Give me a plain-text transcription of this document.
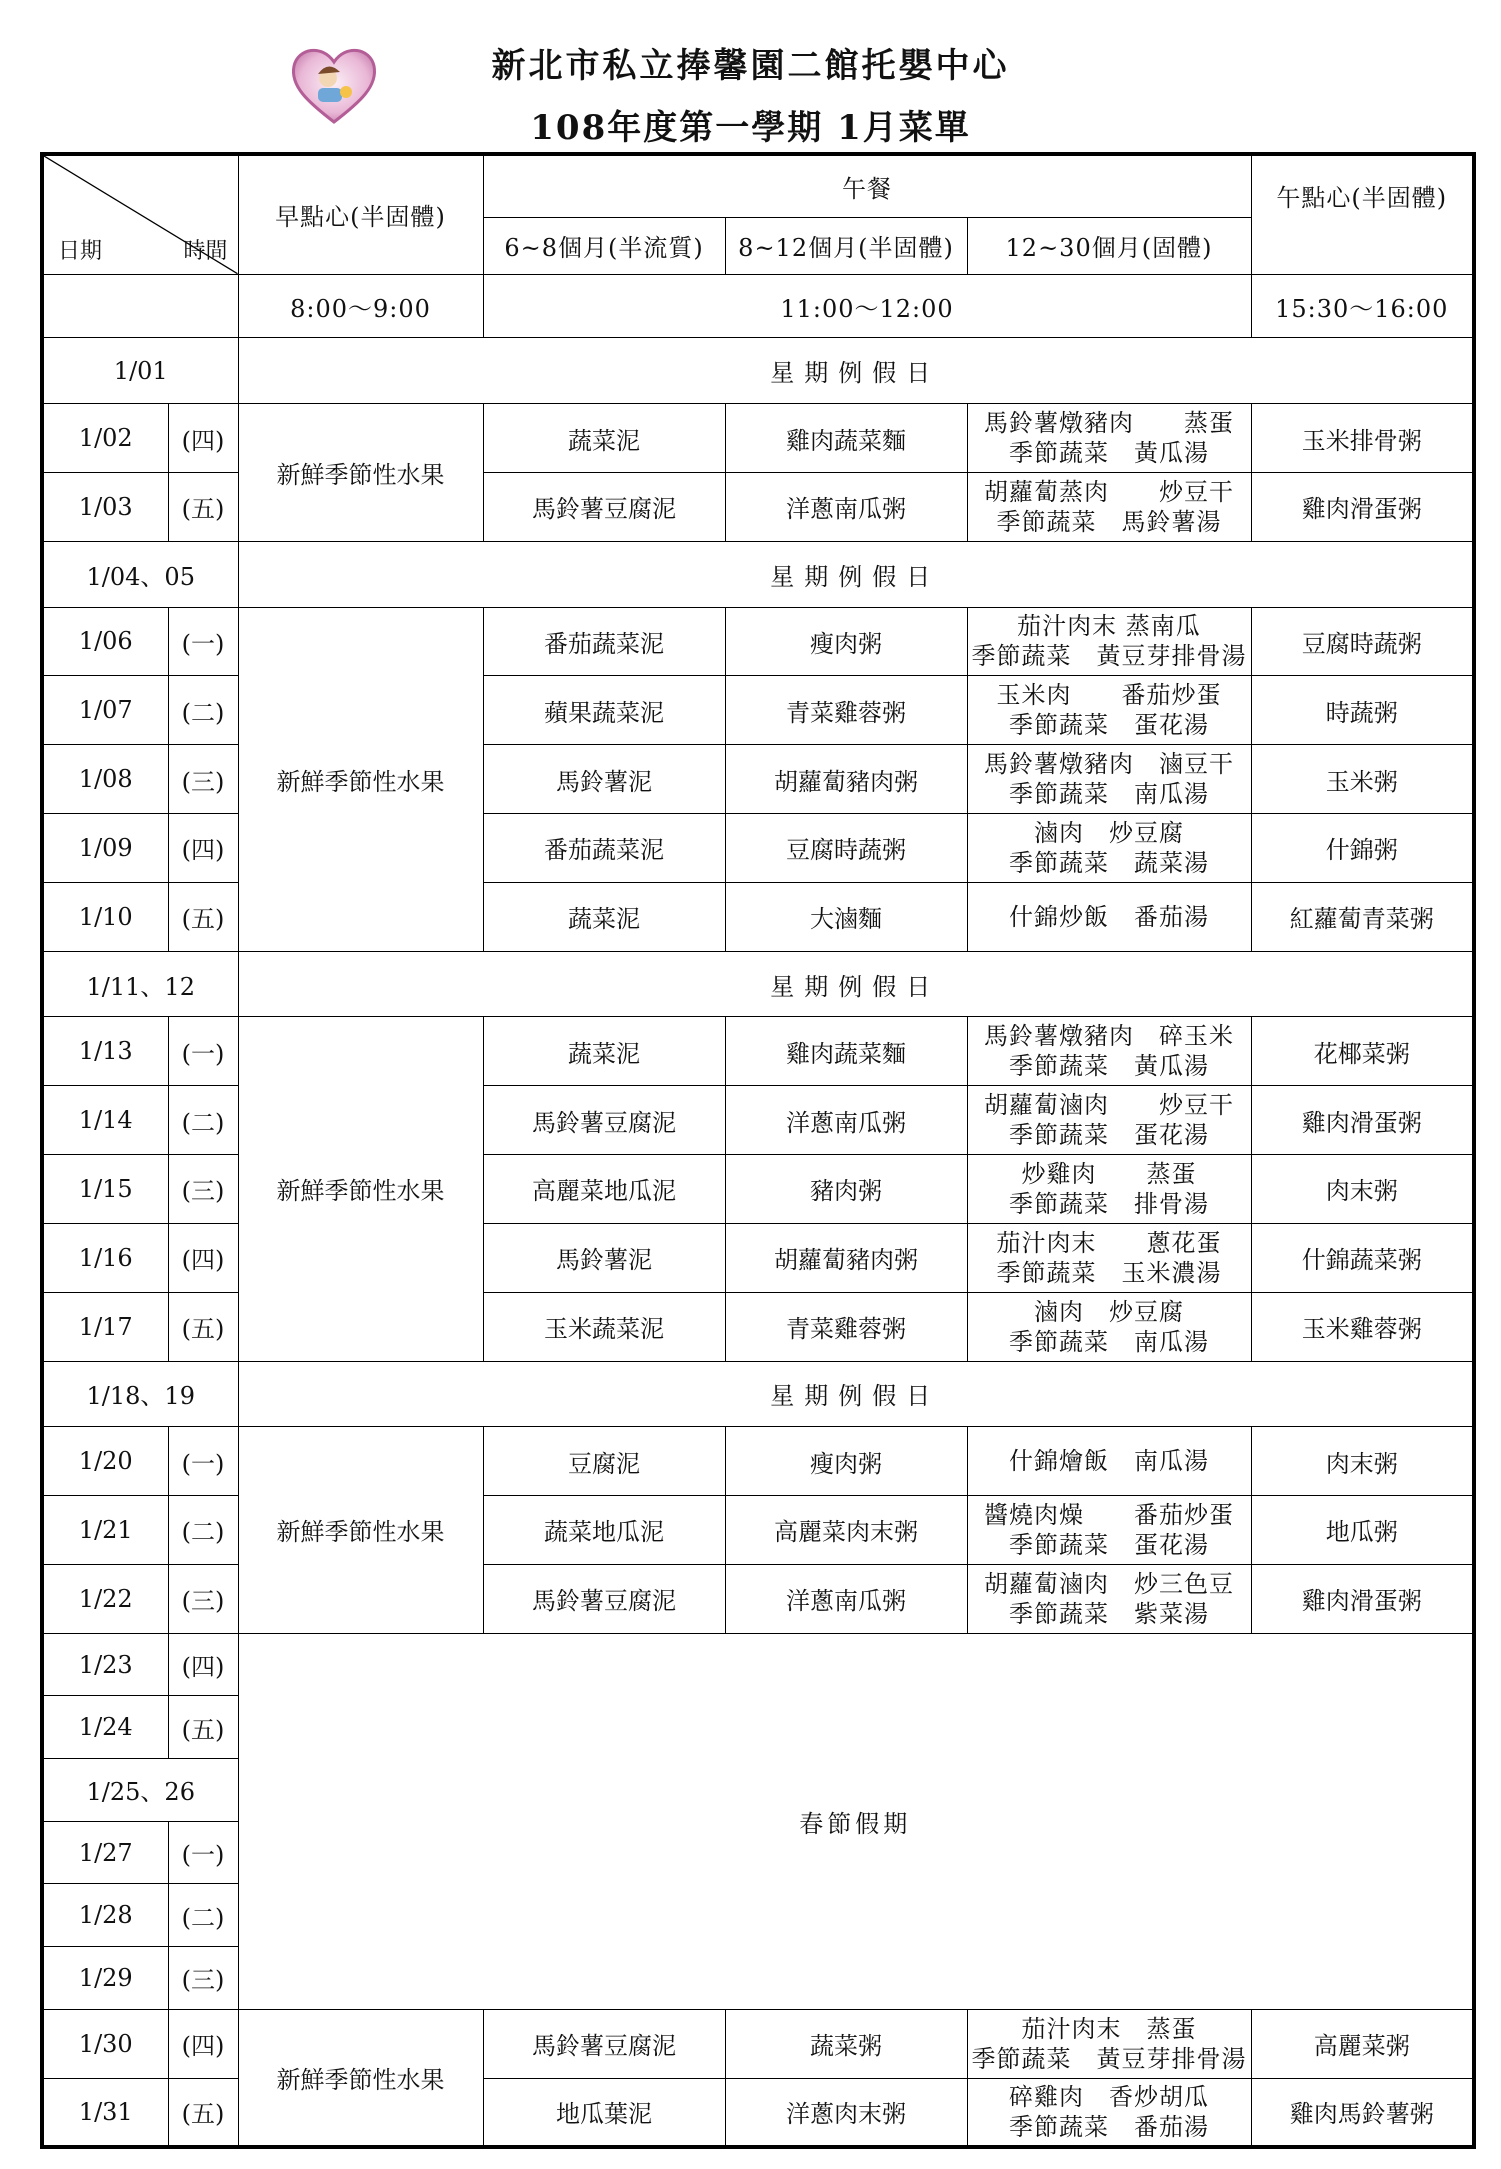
新北市私立捧馨園二館托嬰中心
108年度第一學期 1月菜單
日期 時間		早點心(半固體)	午餐			午點心(半固體)
			6~8個月(半流質)	8~12個月(半固體)	12~30個月(固體)	
		8:00～9:00	11:00～12:00			15:30～16:00
1/01		星期例假日				
1/02	(四)	新鮮季節性水果	蔬菜泥	雞肉蔬菜麵	馬鈴薯燉豬肉　　蒸蛋
季節蔬菜　黃瓜湯	玉米排骨粥
1/03	(五)		馬鈴薯豆腐泥	洋蔥南瓜粥	胡蘿蔔蒸肉　　炒豆干
季節蔬菜　馬鈴薯湯	雞肉滑蛋粥
1/04、05		星期例假日				
1/06	(一)	新鮮季節性水果	番茄蔬菜泥	瘦肉粥	茄汁肉末 蒸南瓜
季節蔬菜　黃豆芽排骨湯	豆腐時蔬粥
1/07	(二)		蘋果蔬菜泥	青菜雞蓉粥	玉米肉　　番茄炒蛋
季節蔬菜　蛋花湯	時蔬粥
1/08	(三)		馬鈴薯泥	胡蘿蔔豬肉粥	馬鈴薯燉豬肉　滷豆干
季節蔬菜　南瓜湯	玉米粥
1/09	(四)		番茄蔬菜泥	豆腐時蔬粥	滷肉　炒豆腐
季節蔬菜　蔬菜湯	什錦粥
1/10	(五)		蔬菜泥	大滷麵	什錦炒飯　番茄湯	紅蘿蔔青菜粥
1/11、12		星期例假日				
1/13	(一)	新鮮季節性水果	蔬菜泥	雞肉蔬菜麵	馬鈴薯燉豬肉　碎玉米
季節蔬菜　黃瓜湯	花椰菜粥
1/14	(二)		馬鈴薯豆腐泥	洋蔥南瓜粥	胡蘿蔔滷肉　　炒豆干
季節蔬菜　蛋花湯	雞肉滑蛋粥
1/15	(三)		高麗菜地瓜泥	豬肉粥	炒雞肉　　蒸蛋
季節蔬菜　排骨湯	肉末粥
1/16	(四)		馬鈴薯泥	胡蘿蔔豬肉粥	茄汁肉末　　蔥花蛋
季節蔬菜　玉米濃湯	什錦蔬菜粥
1/17	(五)		玉米蔬菜泥	青菜雞蓉粥	滷肉　炒豆腐
季節蔬菜　南瓜湯	玉米雞蓉粥
1/18、19		星期例假日				
1/20	(一)	新鮮季節性水果	豆腐泥	瘦肉粥	什錦燴飯　南瓜湯	肉末粥
1/21	(二)		蔬菜地瓜泥	高麗菜肉末粥	醬燒肉燥　　番茄炒蛋
季節蔬菜　蛋花湯	地瓜粥
1/22	(三)		馬鈴薯豆腐泥	洋蔥南瓜粥	胡蘿蔔滷肉　炒三色豆
季節蔬菜　紫菜湯	雞肉滑蛋粥
1/23	(四)	春節假期				
1/24	(五)					
1/25、26						
1/27	(一)					
1/28	(二)					
1/29	(三)					
1/30	(四)	新鮮季節性水果	馬鈴薯豆腐泥	蔬菜粥	茄汁肉末　蒸蛋
季節蔬菜　黃豆芽排骨湯	高麗菜粥
1/31	(五)		地瓜葉泥	洋蔥肉末粥	碎雞肉　香炒胡瓜
季節蔬菜　番茄湯	雞肉馬鈴薯粥
